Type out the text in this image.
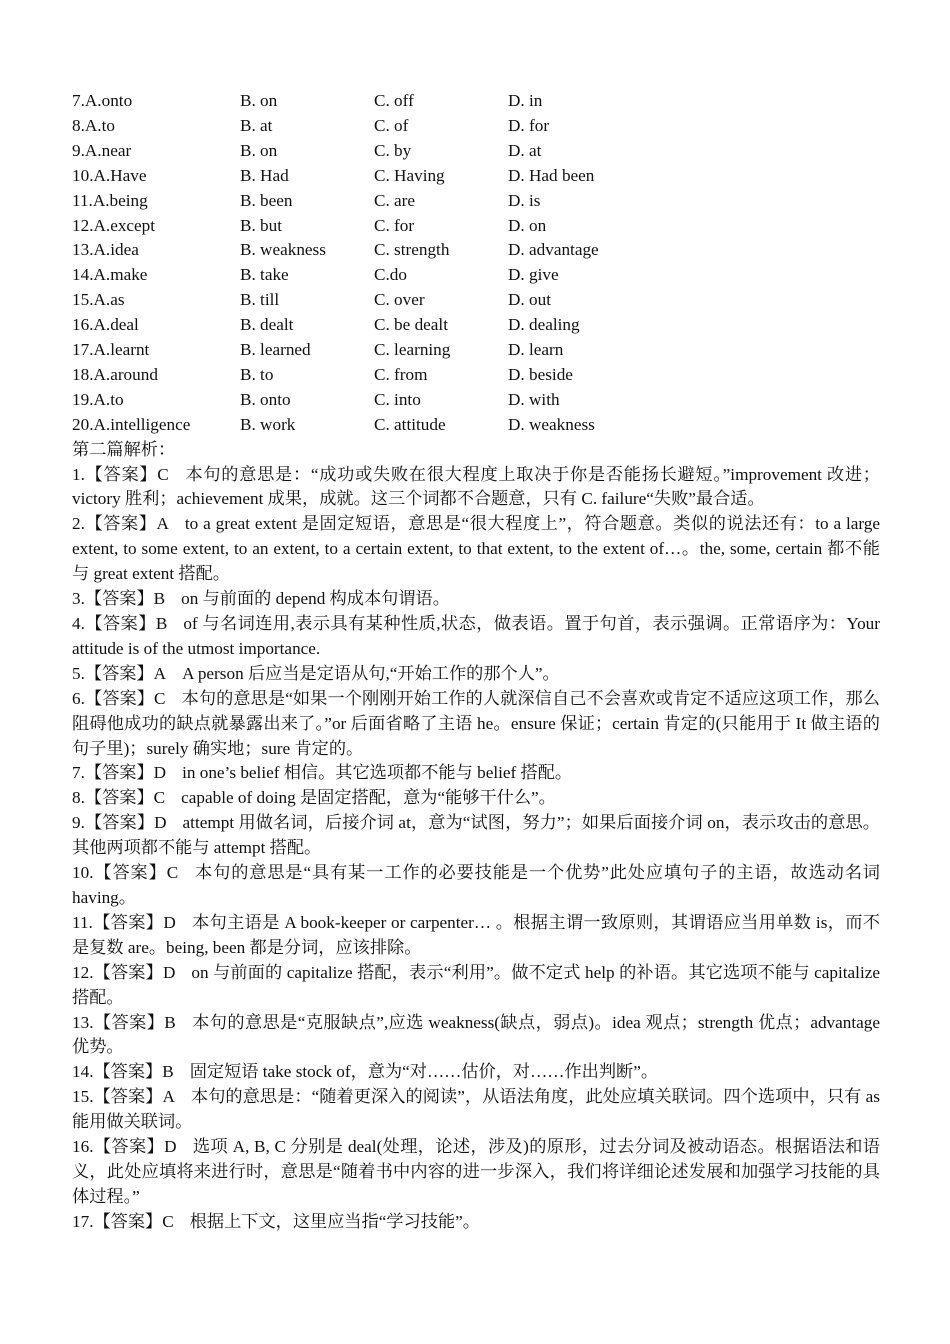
7.A.onto	B. on	C. off	D. in
8.A.to	B. at	C. of	D. for
9.A.near	B. on	C. by	D. at
10.A.Have	B. Had	C. Having	D. Had been
11.A.being	B. been	C. are	D. is
12.A.except	B. but	C. for	D. on
13.A.idea	B. weakness	C. strength	D. advantage
14.A.make	B. take	C.do	D. give
15.A.as	B. till	C. over	D. out
16.A.deal	B. dealt	C. be dealt	D. dealing
17.A.learnt	B. learned	C. learning	D. learn
18.A.around	B. to	C. from	D. beside
19.A.to	B. onto	C. into	D. with
20.A.intelligence	B. work	C. attitude	D. weakness
第二篇解析：

1.【答案】C 本句的意思是：“成功或失败在很大程度上取决于你是否能扬长避短。”improvement 改进；victory 胜利；achievement 成果，成就。这三个词都不合题意，只有 C. failure“失败”最合适。

2.【答案】A to a great extent 是固定短语，意思是“很大程度上”，符合题意。类似的说法还有：to a large extent, to some extent, to an extent, to a certain extent, to that extent, to the extent of…。the, some, certain 都不能与 great extent 搭配。

3.【答案】B on 与前面的 depend 构成本句谓语。

4.【答案】B of 与名词连用,表示具有某种性质,状态，做表语。置于句首，表示强调。正常语序为：Your attitude is of the utmost importance.

5.【答案】A A person 后应当是定语从句,“开始工作的那个人”。

6.【答案】C 本句的意思是“如果一个刚刚开始工作的人就深信自己不会喜欢或肯定不适应这项工作，那么阻碍他成功的缺点就暴露出来了。”or 后面省略了主语 he。ensure 保证；certain 肯定的(只能用于 It 做主语的句子里)；surely 确实地；sure 肯定的。

7.【答案】D in one’s belief 相信。其它选项都不能与 belief 搭配。

8.【答案】C capable of doing 是固定搭配，意为“能够干什么”。

9.【答案】D attempt 用做名词，后接介词 at，意为“试图，努力”；如果后面接介词 on，表示攻击的意思。其他两项都不能与 attempt 搭配。

10.【答案】C 本句的意思是“具有某一工作的必要技能是一个优势”此处应填句子的主语，故选动名词 having。

11.【答案】D 本句主语是 A book-keeper or carpenter… 。根据主谓一致原则，其谓语应当用单数 is，而不是复数 are。being, been 都是分词，应该排除。

12.【答案】D on 与前面的 capitalize 搭配，表示“利用”。做不定式 help 的补语。其它选项不能与 capitalize 搭配。

13.【答案】B 本句的意思是“克服缺点”,应选 weakness(缺点，弱点)。idea 观点；strength 优点；advantage 优势。

14.【答案】B 固定短语 take stock of，意为“对……估价，对……作出判断”。

15.【答案】A 本句的意思是：“随着更深入的阅读”，从语法角度，此处应填关联词。四个选项中，只有 as 能用做关联词。

16.【答案】D 选项 A, B, C 分别是 deal(处理，论述，涉及)的原形，过去分词及被动语态。根据语法和语义，此处应填将来进行时，意思是“随着书中内容的进一步深入，我们将详细论述发展和加强学习技能的具体过程。”

17.【答案】C 根据上下文，这里应当指“学习技能”。
